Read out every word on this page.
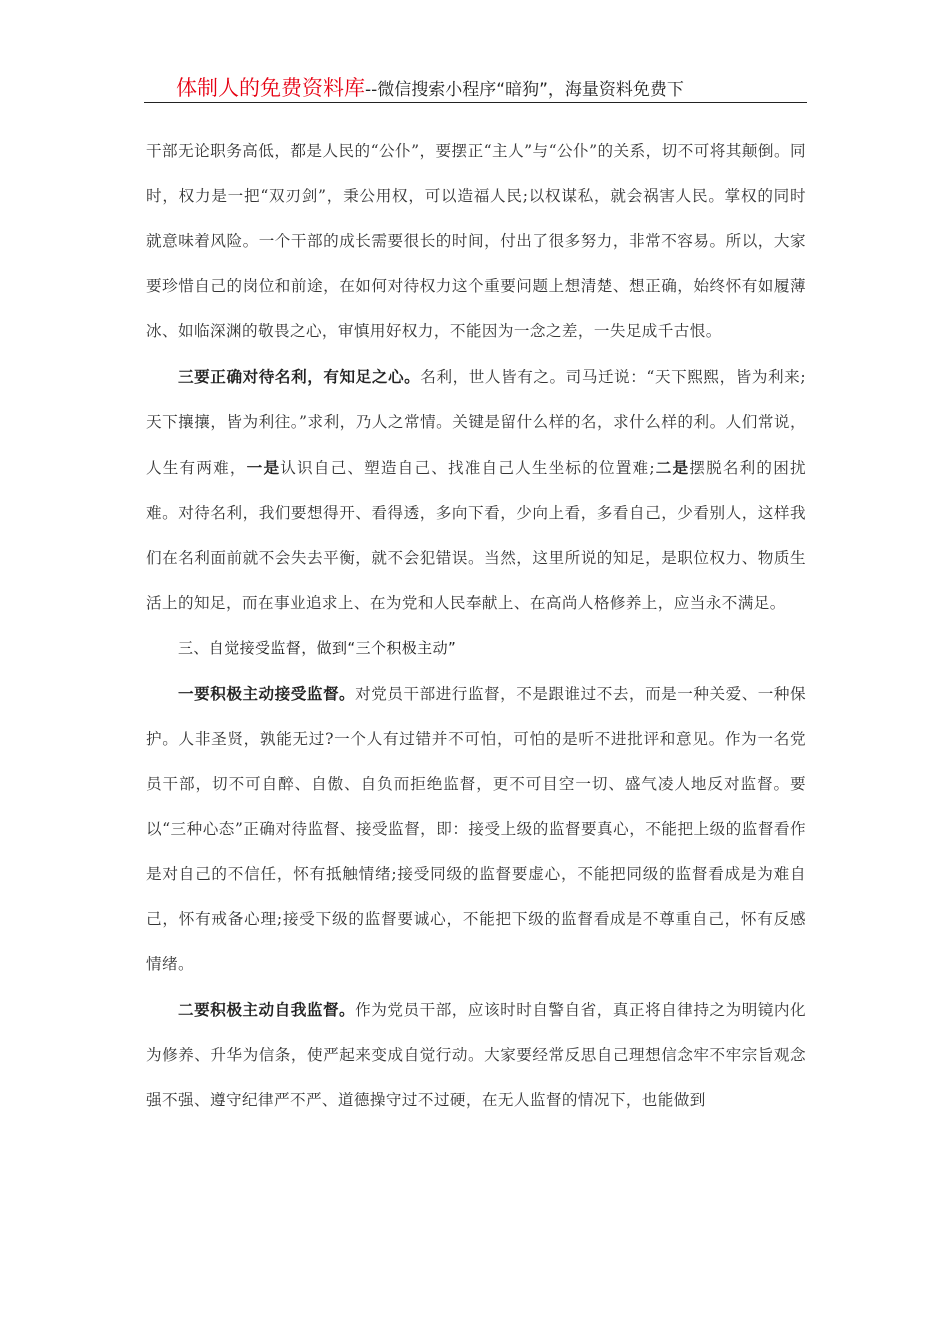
体制人的免费资料库--微信搜索小程序“暗狗”，海量资料免费下

干部无论职务高低，都是人民的“公仆”，要摆正“主人”与“公仆”的关系，切不可将其颠倒。同时，权力是一把“双刃剑”，秉公用权，可以造福人民;以权谋私，就会祸害人民。掌权的同时就意味着风险。一个干部的成长需要很长的时间，付出了很多努力，非常不容易。所以，大家要珍惜自己的岗位和前途，在如何对待权力这个重要问题上想清楚、想正确，始终怀有如履薄冰、如临深渊的敬畏之心，审慎用好权力，不能因为一念之差，一失足成千古恨。

三要正确对待名利，有知足之心。名利，世人皆有之。司马迁说：“天下熙熙，皆为利来;天下攘攘，皆为利往。”求利，乃人之常情。关键是留什么样的名，求什么样的利。人们常说，人生有两难，一是认识自己、塑造自己、找准自己人生坐标的位置难;二是摆脱名利的困扰难。对待名利，我们要想得开、看得透，多向下看，少向上看，多看自己，少看别人，这样我们在名利面前就不会失去平衡，就不会犯错误。当然，这里所说的知足，是职位权力、物质生活上的知足，而在事业追求上、在为党和人民奉献上、在高尚人格修养上，应当永不满足。

三、自觉接受监督，做到“三个积极主动”

一要积极主动接受监督。对党员干部进行监督，不是跟谁过不去，而是一种关爱、一种保护。人非圣贤，孰能无过?一个人有过错并不可怕，可怕的是听不进批评和意见。作为一名党员干部，切不可自醉、自傲、自负而拒绝监督，更不可目空一切、盛气凌人地反对监督。要以“三种心态”正确对待监督、接受监督，即：接受上级的监督要真心，不能把上级的监督看作是对自己的不信任，怀有抵触情绪;接受同级的监督要虚心，不能把同级的监督看成是为难自己，怀有戒备心理;接受下级的监督要诚心，不能把下级的监督看成是不尊重自己，怀有反感情绪。

二要积极主动自我监督。作为党员干部，应该时时自警自省，真正将自律持之为明镜内化为修养、升华为信条，使严起来变成自觉行动。大家要经常反思自己理想信念牢不牢宗旨观念强不强、遵守纪律严不严、道德操守过不过硬，在无人监督的情况下，也能做到
